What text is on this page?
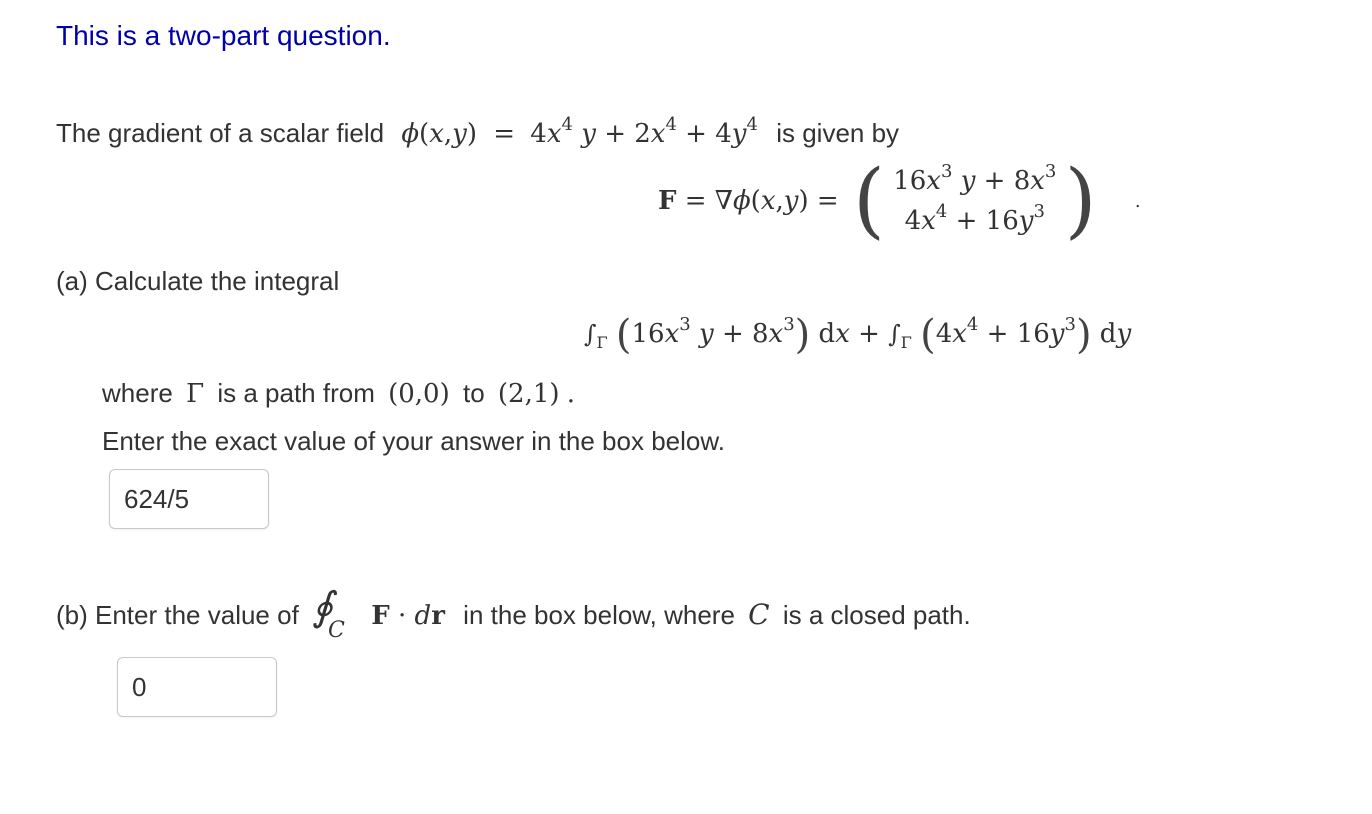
This is a two-part question.
The gradient of a scalar field $\phi(x,y) = 4x^4$ $y + 2x^4 + 4y^4$ is given by
F = ∇ϕ(x,y) = ( $16x^3$ $y + 8x^3$
$4x^4 + 16y^3$ ) .
(a) Calculate the integral
$\int_\Gamma$ ($16x^3$ $y + 8x^3$) dx + $\int_\Gamma$ $(4x^4 + 16y^3)$ dy
where Γ is a path from (0,0) to (2,1) .
Enter the exact value of your answer in the box below.
624/5
(b) Enter the value of ∮
C F · dr in the box below, where C is a closed path.
0
